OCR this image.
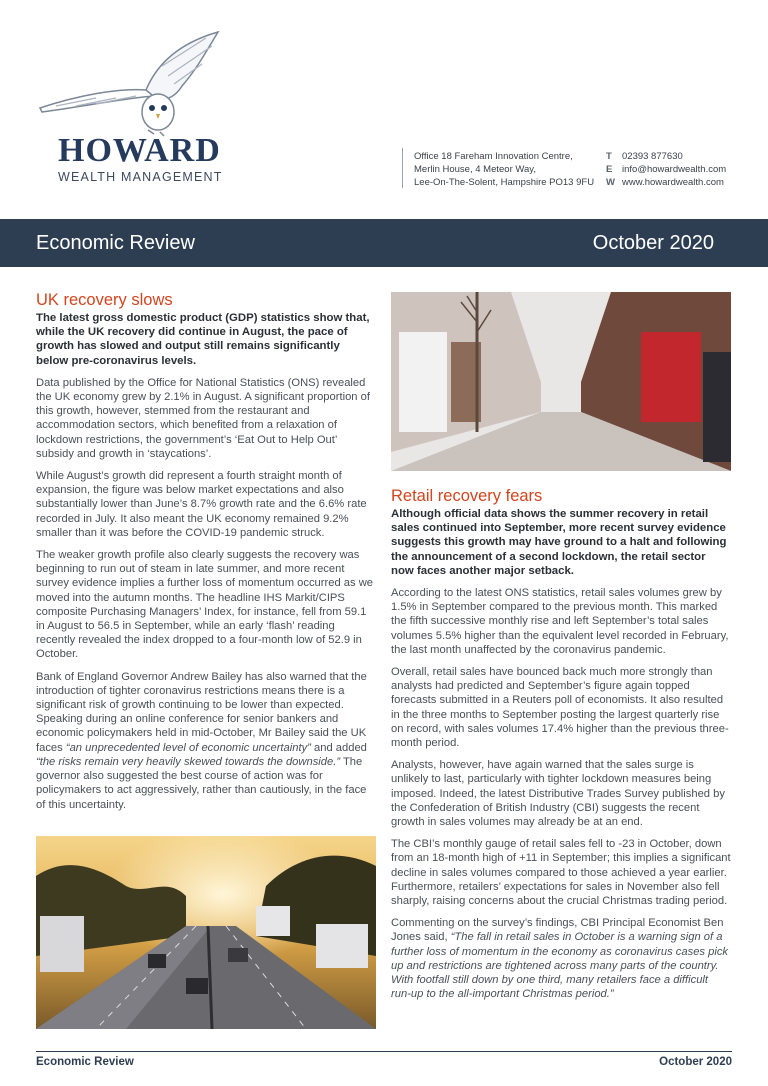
HOWARD
WEALTH MANAGEMENT
Office 18 Fareham Innovation Centre,
Merlin House, 4 Meteor Way,
Lee-On-The-Solent, Hampshire PO13 9FU
T 02393 877630
E info@howardwealth.com
W www.howardwealth.com
Economic Review	October 2020
UK recovery slows

The latest gross domestic product (GDP) statistics show that, while the UK recovery did continue in August, the pace of growth has slowed and output still remains significantly below pre-coronavirus levels.

Data published by the Office for National Statistics (ONS) revealed the UK economy grew by 2.1% in August. A significant proportion of this growth, however, stemmed from the restaurant and accommodation sectors, which benefited from a relaxation of lockdown restrictions, the government’s ‘Eat Out to Help Out’ subsidy and growth in ‘staycations’.

While August’s growth did represent a fourth straight month of expansion, the figure was below market expectations and also substantially lower than June’s 8.7% growth rate and the 6.6% rate recorded in July. It also meant the UK economy remained 9.2% smaller than it was before the COVID-19 pandemic struck.

The weaker growth profile also clearly suggests the recovery was beginning to run out of steam in late summer, and more recent survey evidence implies a further loss of momentum occurred as we moved into the autumn months. The headline IHS Markit/CIPS composite Purchasing Managers’ Index, for instance, fell from 59.1 in August to 56.5 in September, while an early ‘flash’ reading recently revealed the index dropped to a four-month low of 52.9 in October.

Bank of England Governor Andrew Bailey has also warned that the introduction of tighter coronavirus restrictions means there is a significant risk of growth continuing to be lower than expected. Speaking during an online conference for senior bankers and economic policymakers held in mid-October, Mr Bailey said the UK faces “an unprecedented level of economic uncertainty” and added “the risks remain very heavily skewed towards the downside.” The governor also suggested the best course of action was for policymakers to act aggressively, rather than cautiously, in the face of this uncertainty.

Retail recovery fears

Although official data shows the summer recovery in retail sales continued into September, more recent survey evidence suggests this growth may have ground to a halt and following the announcement of a second lockdown, the retail sector now faces another major setback.

According to the latest ONS statistics, retail sales volumes grew by 1.5% in September compared to the previous month. This marked the fifth successive monthly rise and left September’s total sales volumes 5.5% higher than the equivalent level recorded in February, the last month unaffected by the coronavirus pandemic.

Overall, retail sales have bounced back much more strongly than analysts had predicted and September’s figure again topped forecasts submitted in a Reuters poll of economists. It also resulted in the three months to September posting the largest quarterly rise on record, with sales volumes 17.4% higher than the previous three-month period.

Analysts, however, have again warned that the sales surge is unlikely to last, particularly with tighter lockdown measures being imposed. Indeed, the latest Distributive Trades Survey published by the Confederation of British Industry (CBI) suggests the recent growth in sales volumes may already be at an end.

The CBI’s monthly gauge of retail sales fell to -23 in October, down from an 18-month high of +11 in September; this implies a significant decline in sales volumes compared to those achieved a year earlier. Furthermore, retailers’ expectations for sales in November also fell sharply, raising concerns about the crucial Christmas trading period.

Commenting on the survey’s findings, CBI Principal Economist Ben Jones said, “The fall in retail sales in October is a warning sign of a further loss of momentum in the economy as coronavirus cases pick up and restrictions are tightened across many parts of the country. With footfall still down by one third, many retailers face a difficult run-up to the all-important Christmas period.”

Economic Review	October 2020
